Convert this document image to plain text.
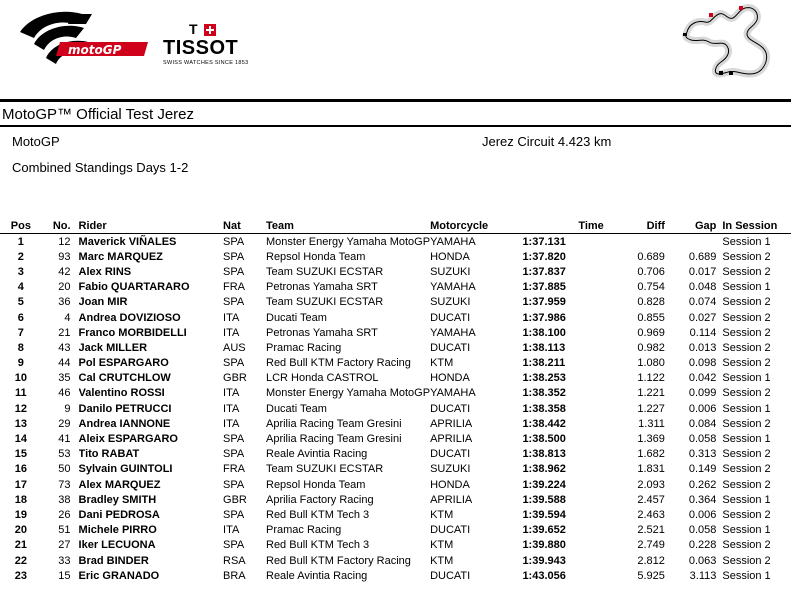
motoGP
T
TISSOT
SWISS WATCHES SINCE 1853
MotoGP™ Official Test Jerez
MotoGP	Jerez Circuit 4.423 km
Combined Standings Days 1-2
Pos	No.	Rider	Nat	Team	Motorcycle	Time	Diff	Gap	In Session
1	12	Maverick VIÑALES	SPA	Monster Energy Yamaha MotoGP	YAMAHA	1:37.131			Session 1
2	93	Marc MARQUEZ	SPA	Repsol Honda Team	HONDA	1:37.820	0.689	0.689	Session 2
3	42	Alex RINS	SPA	Team SUZUKI ECSTAR	SUZUKI	1:37.837	0.706	0.017	Session 2
4	20	Fabio QUARTARARO	FRA	Petronas Yamaha SRT	YAMAHA	1:37.885	0.754	0.048	Session 1
5	36	Joan MIR	SPA	Team SUZUKI ECSTAR	SUZUKI	1:37.959	0.828	0.074	Session 2
6	4	Andrea DOVIZIOSO	ITA	Ducati Team	DUCATI	1:37.986	0.855	0.027	Session 2
7	21	Franco MORBIDELLI	ITA	Petronas Yamaha SRT	YAMAHA	1:38.100	0.969	0.114	Session 2
8	43	Jack MILLER	AUS	Pramac Racing	DUCATI	1:38.113	0.982	0.013	Session 2
9	44	Pol ESPARGARO	SPA	Red Bull KTM Factory Racing	KTM	1:38.211	1.080	0.098	Session 2
10	35	Cal CRUTCHLOW	GBR	LCR Honda CASTROL	HONDA	1:38.253	1.122	0.042	Session 1
11	46	Valentino ROSSI	ITA	Monster Energy Yamaha MotoGP	YAMAHA	1:38.352	1.221	0.099	Session 2
12	9	Danilo PETRUCCI	ITA	Ducati Team	DUCATI	1:38.358	1.227	0.006	Session 1
13	29	Andrea IANNONE	ITA	Aprilia Racing Team Gresini	APRILIA	1:38.442	1.311	0.084	Session 2
14	41	Aleix ESPARGARO	SPA	Aprilia Racing Team Gresini	APRILIA	1:38.500	1.369	0.058	Session 1
15	53	Tito RABAT	SPA	Reale Avintia Racing	DUCATI	1:38.813	1.682	0.313	Session 2
16	50	Sylvain GUINTOLI	FRA	Team SUZUKI ECSTAR	SUZUKI	1:38.962	1.831	0.149	Session 2
17	73	Alex MARQUEZ	SPA	Repsol Honda Team	HONDA	1:39.224	2.093	0.262	Session 2
18	38	Bradley SMITH	GBR	Aprilia Factory Racing	APRILIA	1:39.588	2.457	0.364	Session 1
19	26	Dani PEDROSA	SPA	Red Bull KTM Tech 3	KTM	1:39.594	2.463	0.006	Session 2
20	51	Michele PIRRO	ITA	Pramac Racing	DUCATI	1:39.652	2.521	0.058	Session 1
21	27	Iker LECUONA	SPA	Red Bull KTM Tech 3	KTM	1:39.880	2.749	0.228	Session 2
22	33	Brad BINDER	RSA	Red Bull KTM Factory Racing	KTM	1:39.943	2.812	0.063	Session 2
23	15	Eric GRANADO	BRA	Reale Avintia Racing	DUCATI	1:43.056	5.925	3.113	Session 1
